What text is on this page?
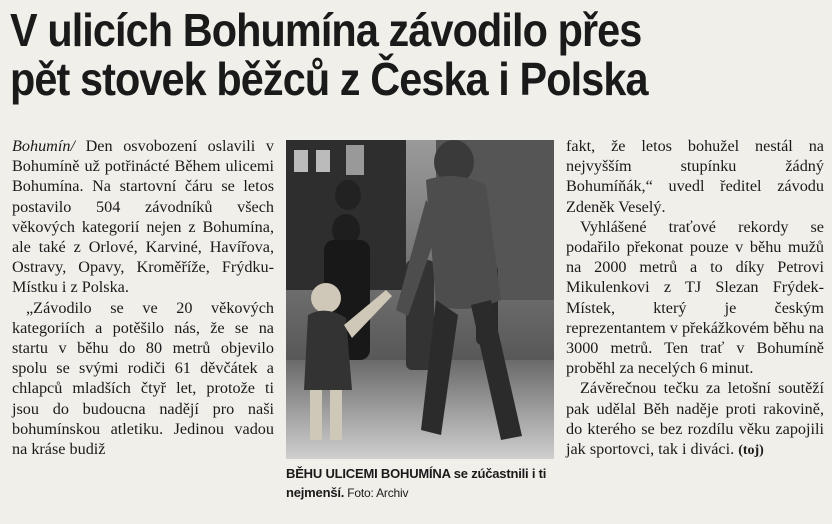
V ulicích Bohumína závodilo přes
pět stovek běžců z Česka i Polska

Bohumín/ Den osvobození oslavili v Bohumíně už potřinácté Během ulicemi Bohumína. Na startovní čáru se letos postavilo 504 závodníků všech věkových kategorií nejen z Bohumína, ale také z Orlové, Karviné, Havířova, Ostravy, Opavy, Kroměříže, Frýdku-Místku i z Polska.

„Závodilo se ve 20 věkových kategoriích a potěšilo nás, že se na startu v běhu do 80 metrů objevilo spolu se svými rodiči 61 děvčátek a chlapců mladších čtyř let, protože ti jsou do budoucna nadějí pro naši bohumínskou atletiku. Jedinou vadou na kráse budiž

BĚHU ULICEMI BOHUMÍNA se zúčastnili i ti nejmenší. Foto: Archiv

fakt, že letos bohužel nestál na nejvyšším stupínku žádný Bohumíňák,“ uvedl ředitel závodu Zdeněk Veselý.

Vyhlášené traťové rekordy se podařilo překonat pouze v běhu mužů na 2000 metrů a to díky Petrovi Mikulenkovi z TJ Slezan Frýdek-Místek, který je českým reprezentantem v překážkovém běhu na 3000 metrů. Ten trať v Bohumíně proběhl za necelých 6 minut.

Závěrečnou tečku za letošní soutěží pak udělal Běh naděje proti rakovině, do kterého se bez rozdílu věku zapojili jak sportovci, tak i diváci. (toj)
